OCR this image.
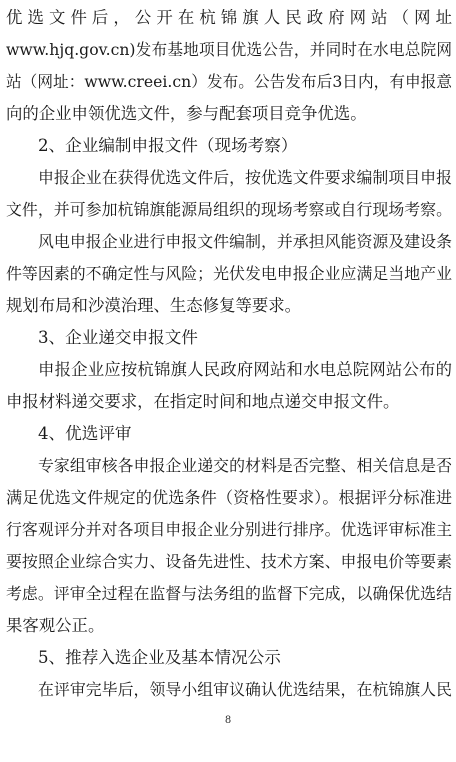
优选文件后，公开在杭锦旗人民政府网站（网址
www.hjq.gov.cn)发布基地项目优选公告，并同时在水电总院网
站（网址：www.creei.cn）发布。公告发布后3日内，有申报意
向的企业申领优选文件，参与配套项目竞争优选。
2、企业编制申报文件（现场考察）
申报企业在获得优选文件后，按优选文件要求编制项目申报
文件，并可参加杭锦旗能源局组织的现场考察或自行现场考察。
风电申报企业进行申报文件编制，并承担风能资源及建设条
件等因素的不确定性与风险；光伏发电申报企业应满足当地产业
规划布局和沙漠治理、生态修复等要求。
3、企业递交申报文件
申报企业应按杭锦旗人民政府网站和水电总院网站公布的
申报材料递交要求，在指定时间和地点递交申报文件。
4、优选评审
专家组审核各申报企业递交的材料是否完整、相关信息是否
满足优选文件规定的优选条件（资格性要求）。根据评分标准进
行客观评分并对各项目申报企业分别进行排序。优选评审标准主
要按照企业综合实力、设备先进性、技术方案、申报电价等要素
考虑。评审全过程在监督与法务组的监督下完成，以确保优选结
果客观公正。
5、推荐入选企业及基本情况公示
在评审完毕后，领导小组审议确认优选结果，在杭锦旗人民
8
